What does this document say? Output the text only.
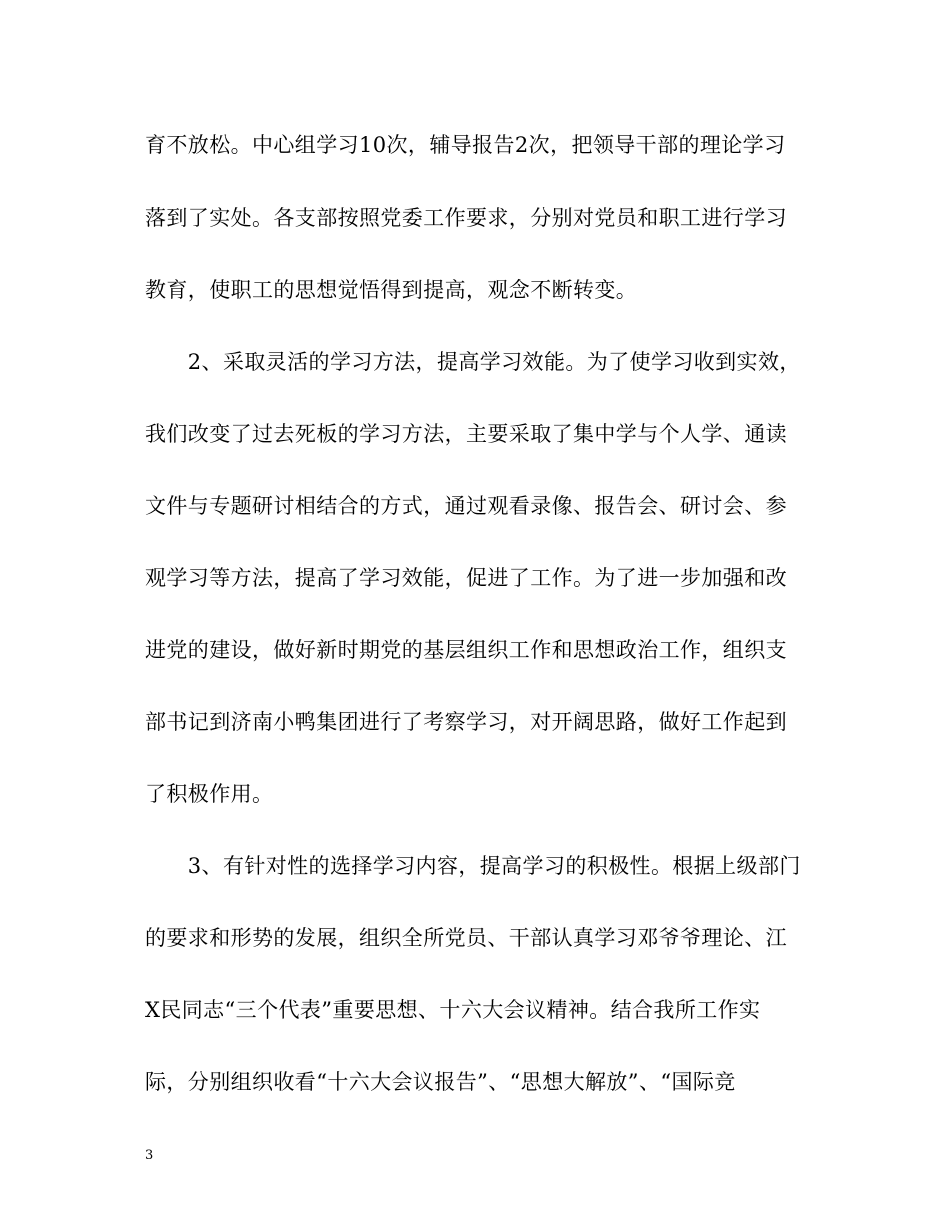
育不放松。中心组学习10次，辅导报告2次，把领导干部的理论学习
落到了实处。各支部按照党委工作要求，分别对党员和职工进行学习
教育，使职工的思想觉悟得到提高，观念不断转变。
　　2、采取灵活的学习方法，提高学习效能。为了使学习收到实效，
我们改变了过去死板的学习方法，主要采取了集中学与个人学、通读
文件与专题研讨相结合的方式，通过观看录像、报告会、研讨会、参
观学习等方法，提高了学习效能，促进了工作。为了进一步加强和改
进党的建设，做好新时期党的基层组织工作和思想政治工作，组织支
部书记到济南小鸭集团进行了考察学习，对开阔思路，做好工作起到
了积极作用。
　　3、有针对性的选择学习内容，提高学习的积极性。根据上级部门
的要求和形势的发展，组织全所党员、干部认真学习邓爷爷理论、江
X民同志“三个代表”重要思想、十六大会议精神。结合我所工作实
际，分别组织收看“十六大会议报告”、“思想大解放”、“国际竞
3
